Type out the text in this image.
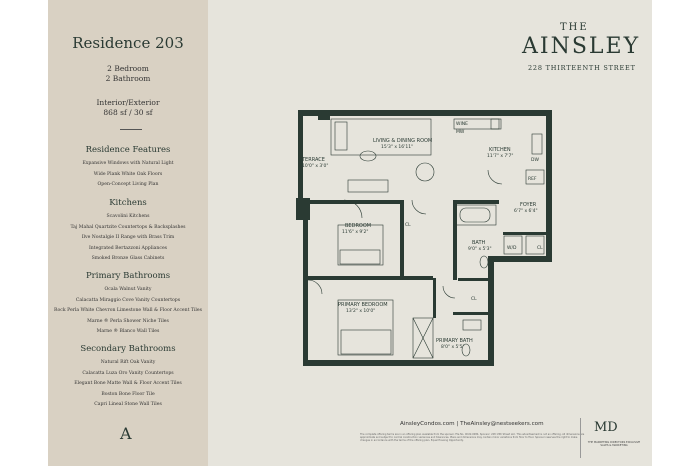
Residence 203
2 Bedroom
2 Bathroom
Interior/Exterior
868 sf / 30 sf
Residence Features
Expansive Windows with Natural Light
Wide Plank White Oak Floors
Open-Concept Living Plan
Kitchens
Scavolini Kitchens
Taj Mahal Quartzite Countertops & Backsplashes
Ilve Nostalgie II Range with Brass Trim
Integrated Bertazzoni Appliances
Smoked Bronze Glass Cabinets
Primary Bathrooms
Ocala Walnut Vanity
Calacatta Miraggio Cove Vanity Countertops
Rock Perla White Chevron Limestone Wall & Floor Accent Tiles
Marne ® Perla Shower Niche Tiles
Marne ® Blanco Wall Tiles
Secondary Bathrooms
Natural Rift Oak Vanity
Calacatta Luza Oro Vanity Countertops
Elegant Bone Matte Wall & Floor Accent Tiles
Boston Bone Floor Tile
Capri Lineal Stone Wall Tiles
A
THE
AINSLEY
228 THIRTEENTH STREET
LIVING & DINING ROOM
15'3" x 16'11"	KITCHEN
11'7" x 7'7"
TERRACE
10'0" x 3'0"
BEDROOM
11'6" x 9'2"
FOYER
6'7" x 6'4"
BATH
9'0" x 5'3"
PRIMARY BEDROOM
13'2" x 10'0"
PRIMARY BATH
8'0" x 5'5"
CL
CL
CL
DW
REF
W/D
WINE
MW
AinsleyCondos.com | TheAinsley@nestseekers.com
The complete offering terms are in an offering plan available from the sponsor. File No. CD22-0084. Sponsor: 228 13th Street LLC. This advertisement is not an offering. All dimensions are approximate and subject to normal construction variances and tolerances. Plans and dimensions may contain minor variations from floor to floor. Sponsor reserves the right to make changes in accordance with the terms of the offering plan. Equal Housing Opportunity.
MD
THE MARKETING DIRECTORS EXCLUSIVE SALES & MARKETING
